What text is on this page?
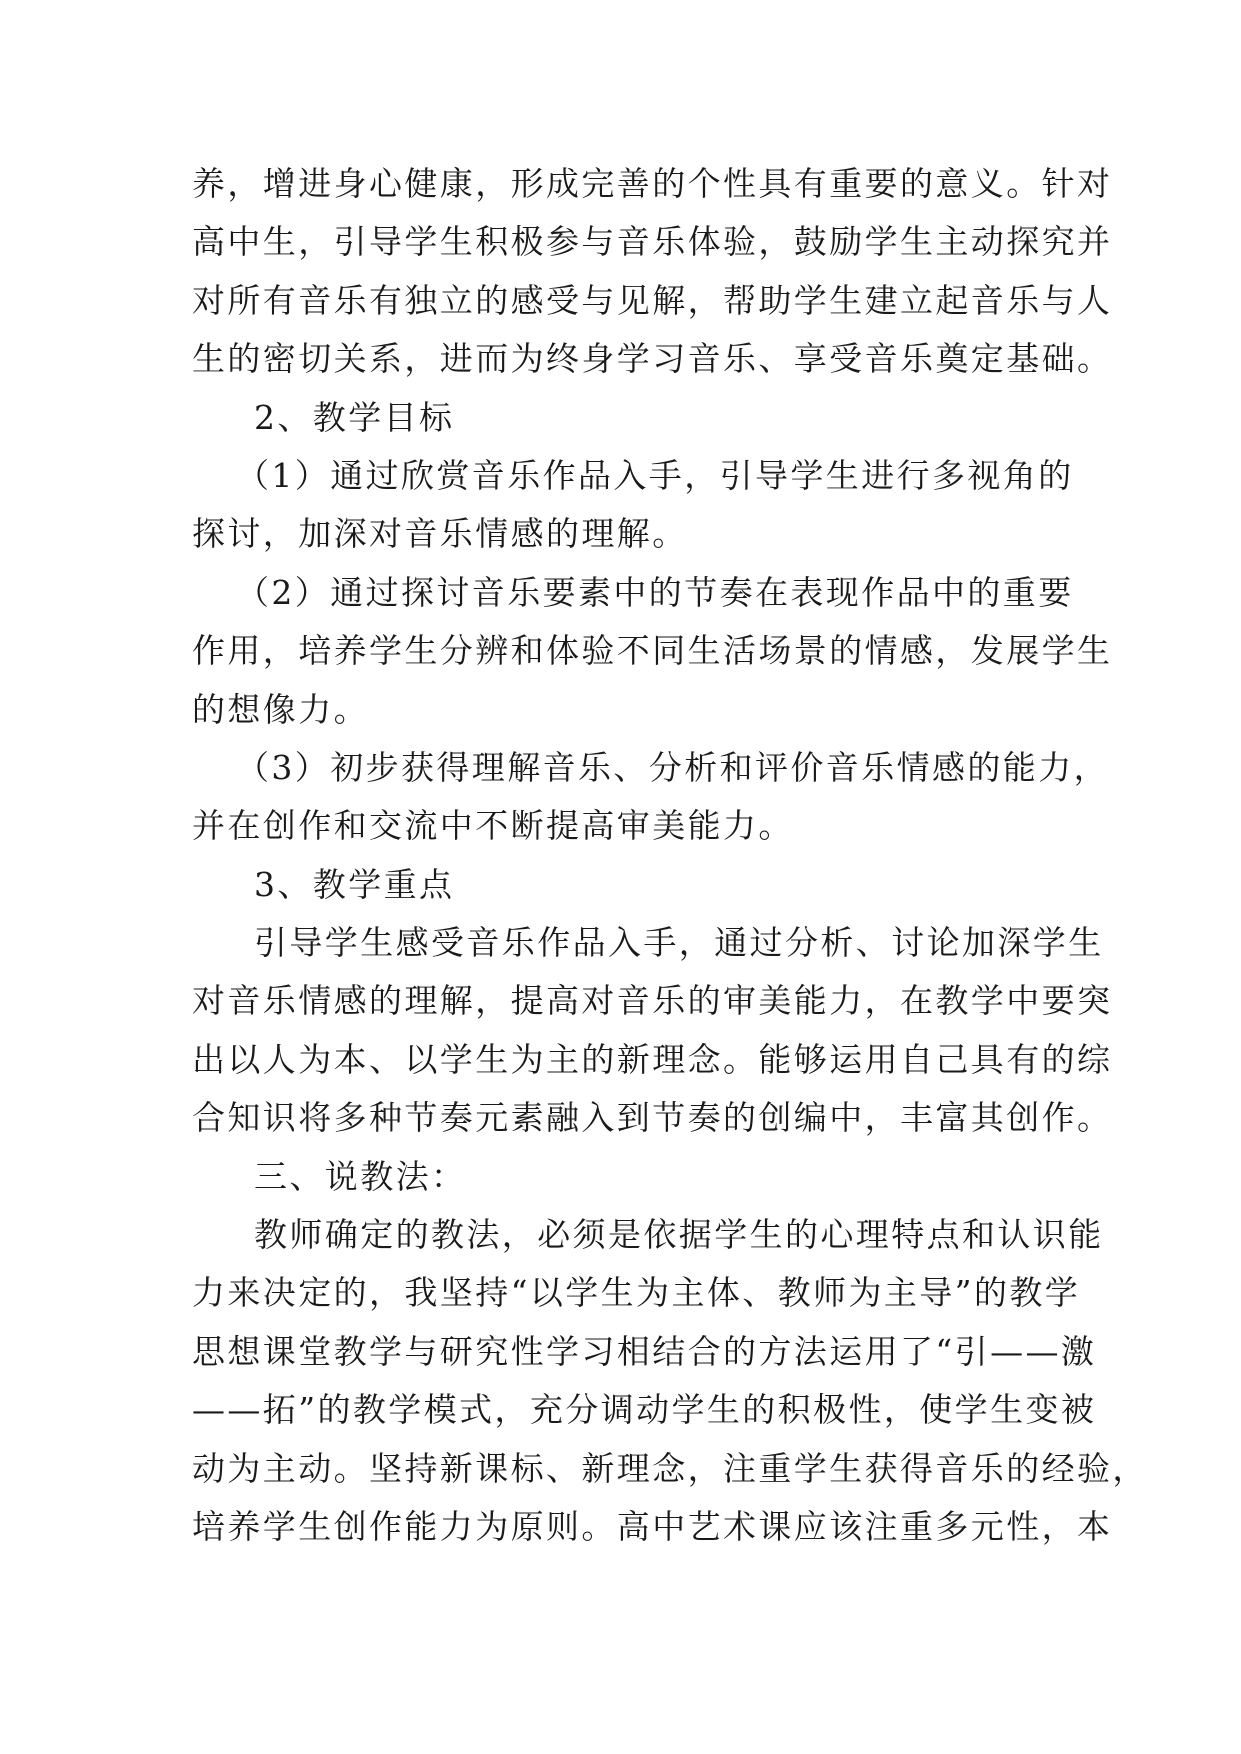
养，增进身心健康，形成完善的个性具有重要的意义。针对
高中生，引导学生积极参与音乐体验，鼓励学生主动探究并
对所有音乐有独立的感受与见解，帮助学生建立起音乐与人
生的密切关系，进而为终身学习音乐、享受音乐奠定基础。
2、教学目标
（1）通过欣赏音乐作品入手，引导学生进行多视角的
探讨，加深对音乐情感的理解。
（2）通过探讨音乐要素中的节奏在表现作品中的重要
作用，培养学生分辨和体验不同生活场景的情感，发展学生
的想像力。
（3）初步获得理解音乐、分析和评价音乐情感的能力，
并在创作和交流中不断提高审美能力。
3、教学重点
引导学生感受音乐作品入手，通过分析、讨论加深学生
对音乐情感的理解，提高对音乐的审美能力，在教学中要突
出以人为本、以学生为主的新理念。能够运用自己具有的综
合知识将多种节奏元素融入到节奏的创编中，丰富其创作。
三、说教法：
教师确定的教法，必须是依据学生的心理特点和认识能
力来决定的，我坚持“以学生为主体、教师为主导”的教学
思想课堂教学与研究性学习相结合的方法运用了“引——激
——拓”的教学模式，充分调动学生的积极性，使学生变被
动为主动。坚持新课标、新理念，注重学生获得音乐的经验，
培养学生创作能力为原则。高中艺术课应该注重多元性，本
